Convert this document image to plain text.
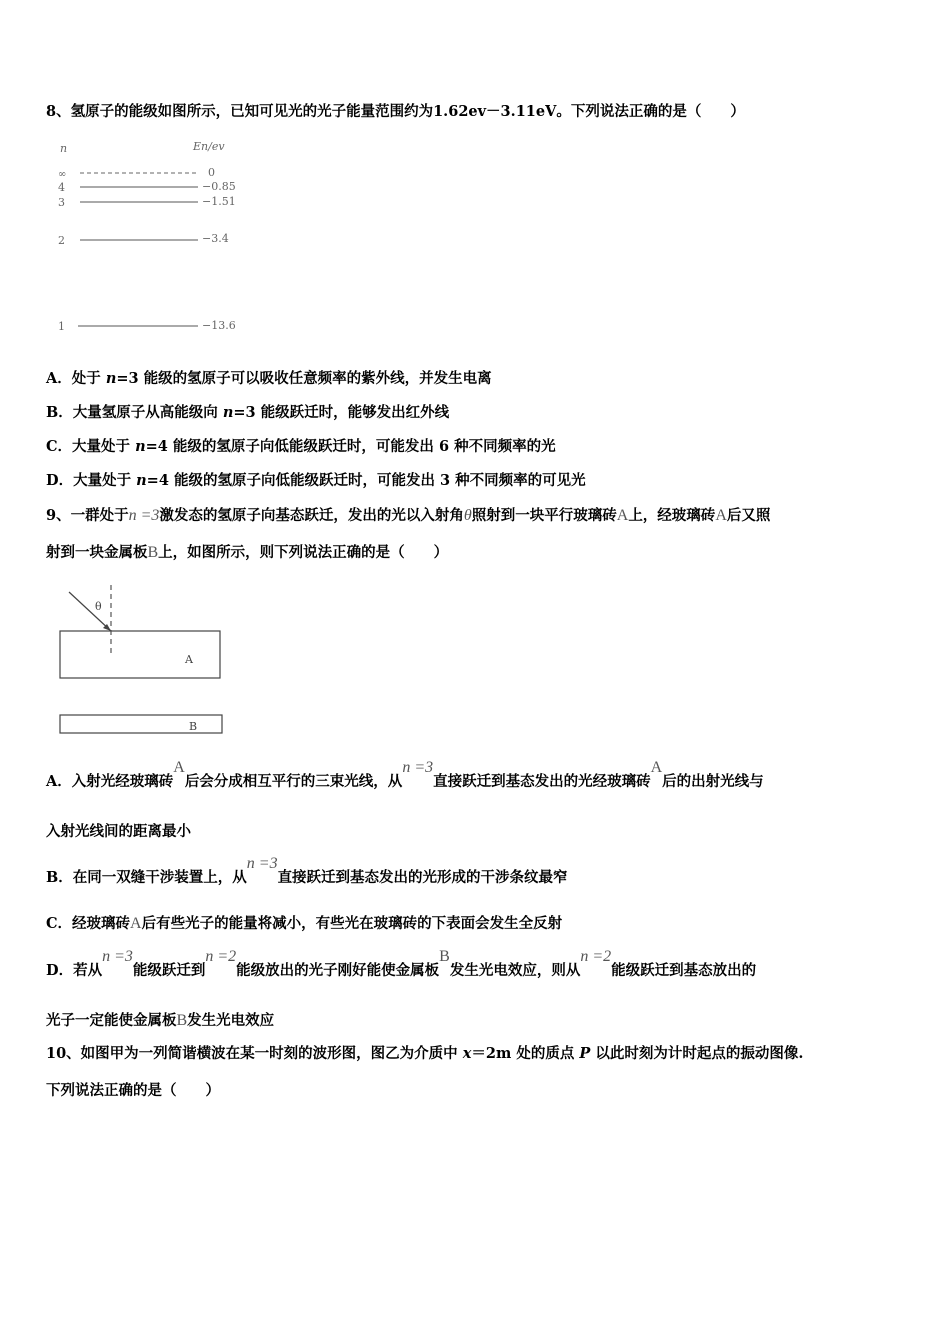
8、氢原子的能级如图所示，已知可见光的光子能量范围约为1.62ev－3.11eV。下列说法正确的是（　　）
n	En/ev
∞	0
4	−0.85
3	−1.51
2	−3.4
1	−13.6
A．处于 n=3 能级的氢原子可以吸收任意频率的紫外线，并发生电离
B．大量氢原子从高能级向 n=3 能级跃迁时，能够发出红外线
C．大量处于 n=4 能级的氢原子向低能级跃迁时，可能发出 6 种不同频率的光
D．大量处于 n=4 能级的氢原子向低能级跃迁时，可能发出 3 种不同频率的可见光
9、一群处于n =3激发态的氢原子向基态跃迁，发出的光以入射角θ照射到一块平行玻璃砖A上，经玻璃砖A后又照
射到一块金属板B上，如图所示，则下列说法正确的是（　　）
θ
A
B
A．入射光经玻璃砖A后会分成相互平行的三束光线，从n =3直接跃迁到基态发出的光经玻璃砖A后的出射光线与
入射光线间的距离最小
B．在同一双缝干涉装置上，从n =3直接跃迁到基态发出的光形成的干涉条纹最窄
C．经玻璃砖A后有些光子的能量将减小，有些光在玻璃砖的下表面会发生全反射
D．若从n =3能级跃迁到n =2能级放出的光子刚好能使金属板B发生光电效应，则从n =2能级跃迁到基态放出的
光子一定能使金属板B发生光电效应
10、如图甲为一列简谐横波在某一时刻的波形图，图乙为介质中 x＝2m 处的质点 P 以此时刻为计时起点的振动图像.
下列说法正确的是（　　）
